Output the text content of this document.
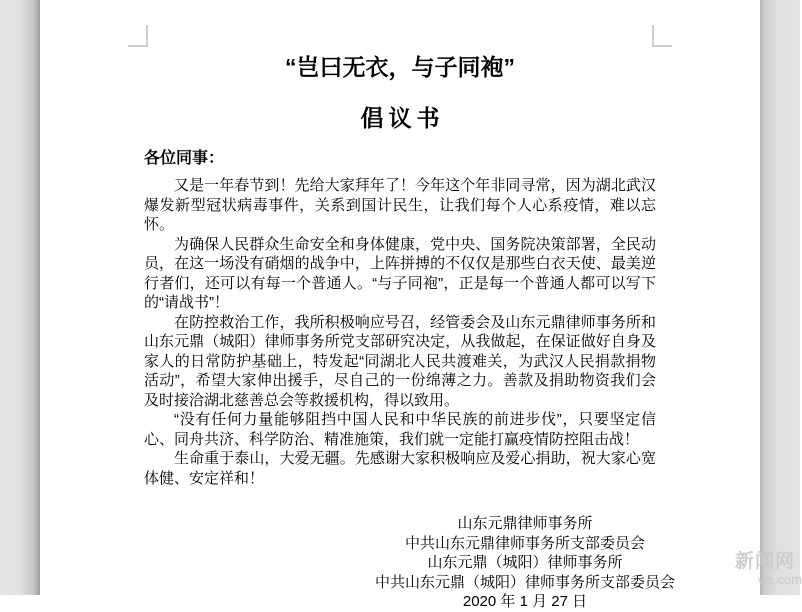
“岂曰无衣，与子同袍”
倡议书

各位同事：

又是一年春节到！先给大家拜年了！今年这个年非同寻常，因为湖北武汉爆发新型冠状病毒事件，关系到国计民生，让我们每个人心系疫情，难以忘怀。

为确保人民群众生命安全和身体健康，党中央、国务院决策部署，全民动员，在这一场没有硝烟的战争中，上阵拼搏的不仅仅是那些白衣天使、最美逆行者们，还可以有每一个普通人。“与子同袍”，正是每一个普通人都可以写下的“请战书”！

在防控救治工作，我所积极响应号召，经管委会及山东元鼎律师事务所和山东元鼎（城阳）律师事务所党支部研究决定，从我做起，在保证做好自身及家人的日常防护基础上，特发起“同湖北人民共渡难关，为武汉人民捐款捐物活动”，希望大家伸出援手，尽自己的一份绵薄之力。善款及捐助物资我们会及时接洽湖北慈善总会等救援机构，得以致用。

“没有任何力量能够阻挡中国人民和中华民族的前进步伐”，只要坚定信心、同舟共济、科学防治、精准施策，我们就一定能打赢疫情防控阻击战！

生命重于泰山，大爱无疆。先感谢大家积极响应及爱心捐助，祝大家心宽体健、安定祥和！

山东元鼎律师事务所
中共山东元鼎律师事务所支部委员会
山东元鼎（城阳）律师事务所
中共山东元鼎（城阳）律师事务所支部委员会
2020 年 1 月 27 日
新闻网
ws.com
